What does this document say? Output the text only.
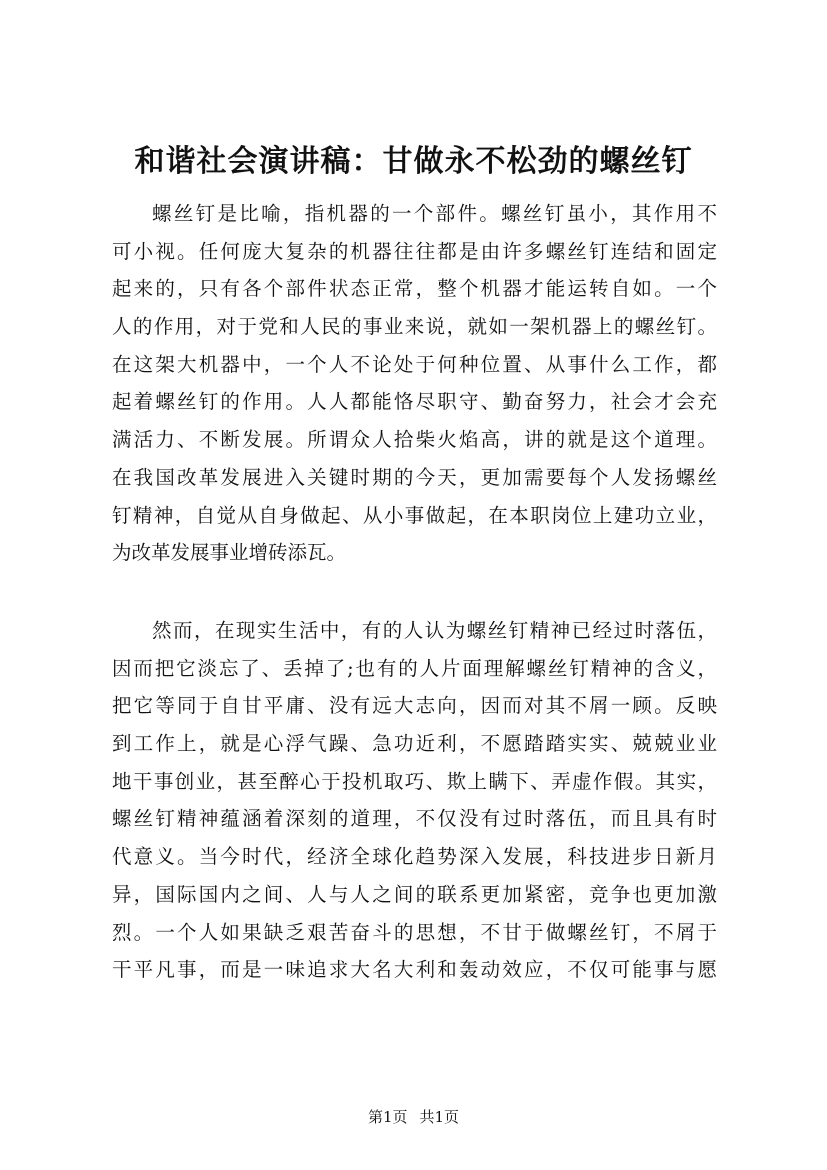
和谐社会演讲稿：甘做永不松劲的螺丝钉
螺丝钉是比喻，指机器的一个部件。螺丝钉虽小，其作用不
可小视。任何庞大复杂的机器往往都是由许多螺丝钉连结和固定
起来的，只有各个部件状态正常，整个机器才能运转自如。一个
人的作用，对于党和人民的事业来说，就如一架机器上的螺丝钉。
在这架大机器中，一个人不论处于何种位置、从事什么工作，都
起着螺丝钉的作用。人人都能恪尽职守、勤奋努力，社会才会充
满活力、不断发展。所谓众人拾柴火焰高，讲的就是这个道理。
在我国改革发展进入关键时期的今天，更加需要每个人发扬螺丝
钉精神，自觉从自身做起、从小事做起，在本职岗位上建功立业，
为改革发展事业增砖添瓦。
然而，在现实生活中，有的人认为螺丝钉精神已经过时落伍，
因而把它淡忘了、丢掉了;也有的人片面理解螺丝钉精神的含义，
把它等同于自甘平庸、没有远大志向，因而对其不屑一顾。反映
到工作上，就是心浮气躁、急功近利，不愿踏踏实实、兢兢业业
地干事创业，甚至醉心于投机取巧、欺上瞒下、弄虚作假。其实，
螺丝钉精神蕴涵着深刻的道理，不仅没有过时落伍，而且具有时
代意义。当今时代，经济全球化趋势深入发展，科技进步日新月
异，国际国内之间、人与人之间的联系更加紧密，竞争也更加激
烈。一个人如果缺乏艰苦奋斗的思想，不甘于做螺丝钉，不屑于
干平凡事，而是一味追求大名大利和轰动效应，不仅可能事与愿
第1页 共1页
